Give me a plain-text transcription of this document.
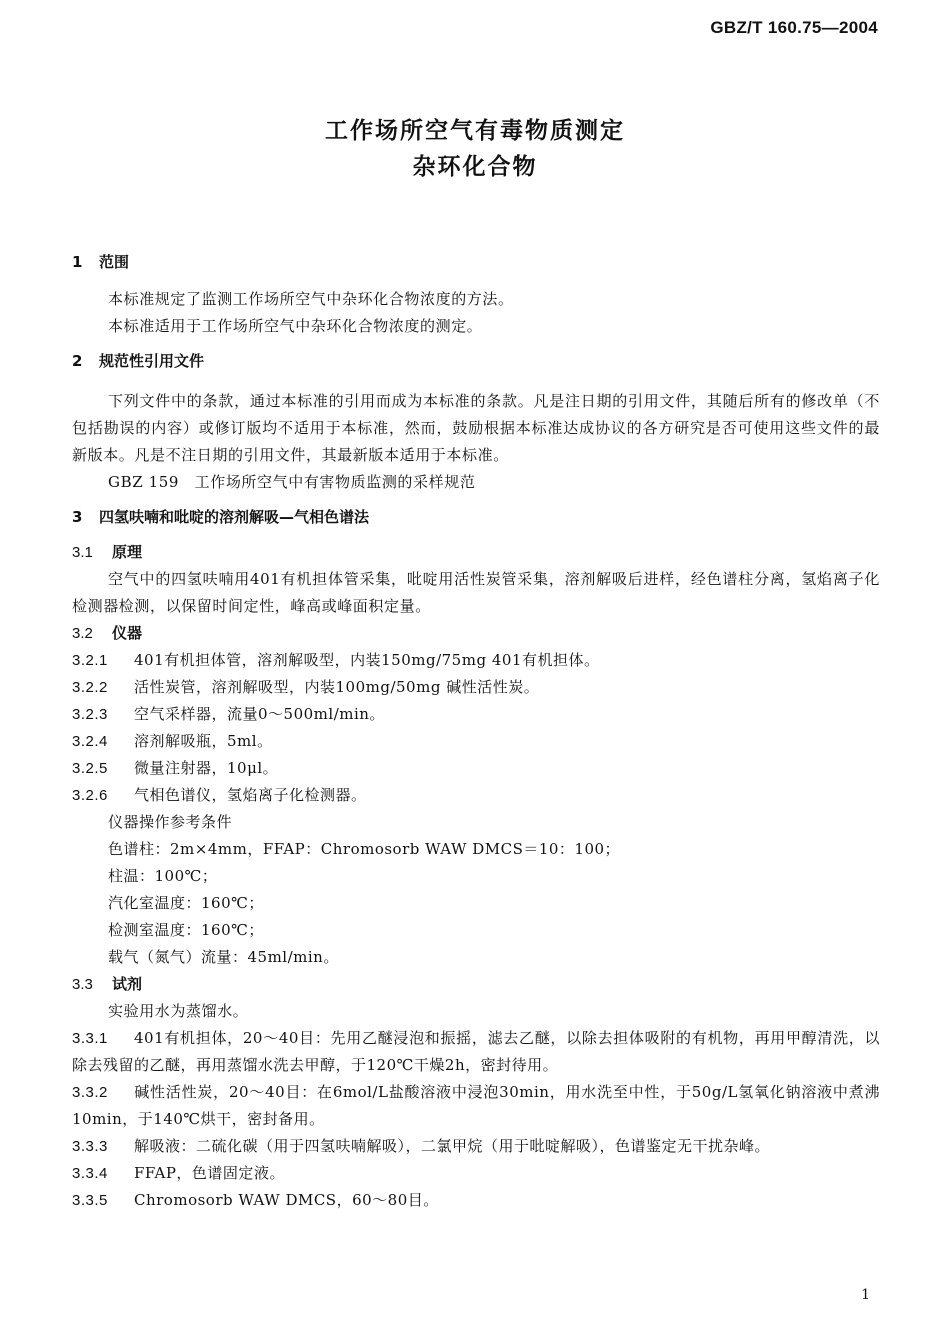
GBZ/T 160.75—2004
工作场所空气有毒物质测定
杂环化合物
1 范围
本标准规定了监测工作场所空气中杂环化合物浓度的方法。
本标准适用于工作场所空气中杂环化合物浓度的测定。
2 规范性引用文件
下列文件中的条款，通过本标准的引用而成为本标准的条款。凡是注日期的引用文件，其随后所有的修改单（不包括勘误的内容）或修订版均不适用于本标准，然而，鼓励根据本标准达成协议的各方研究是否可使用这些文件的最新版本。凡是不注日期的引用文件，其最新版本适用于本标准。
GBZ 159　工作场所空气中有害物质监测的采样规范
3 四氢呋喃和吡啶的溶剂解吸—气相色谱法
3.1 原理
空气中的四氢呋喃用401有机担体管采集，吡啶用活性炭管采集，溶剂解吸后进样，经色谱柱分离，氢焰离子化检测器检测，以保留时间定性，峰高或峰面积定量。
3.2 仪器
3.2.1 401有机担体管，溶剂解吸型，内装150mg/75mg 401有机担体。
3.2.2 活性炭管，溶剂解吸型，内装100mg/50mg 碱性活性炭。
3.2.3 空气采样器，流量0～500ml/min。
3.2.4 溶剂解吸瓶，5ml。
3.2.5 微量注射器，10μl。
3.2.6 气相色谱仪，氢焰离子化检测器。
仪器操作参考条件
色谱柱：2m×4mm，FFAP：Chromosorb WAW DMCS＝10：100；
柱温：100℃；
汽化室温度：160℃；
检测室温度：160℃；
载气（氮气）流量：45ml/min。
3.3 试剂
实验用水为蒸馏水。
3.3.1 401有机担体，20～40目：先用乙醚浸泡和振摇，滤去乙醚，以除去担体吸附的有机物，再用甲醇清洗，以除去残留的乙醚，再用蒸馏水洗去甲醇，于120℃干燥2h，密封待用。
3.3.2 碱性活性炭，20～40目：在6mol/L盐酸溶液中浸泡30min，用水洗至中性，于50g/L氢氧化钠溶液中煮沸10min，于140℃烘干，密封备用。
3.3.3 解吸液：二硫化碳（用于四氢呋喃解吸），二氯甲烷（用于吡啶解吸），色谱鉴定无干扰杂峰。
3.3.4 FFAP，色谱固定液。
3.3.5 Chromosorb WAW DMCS，60～80目。
1
